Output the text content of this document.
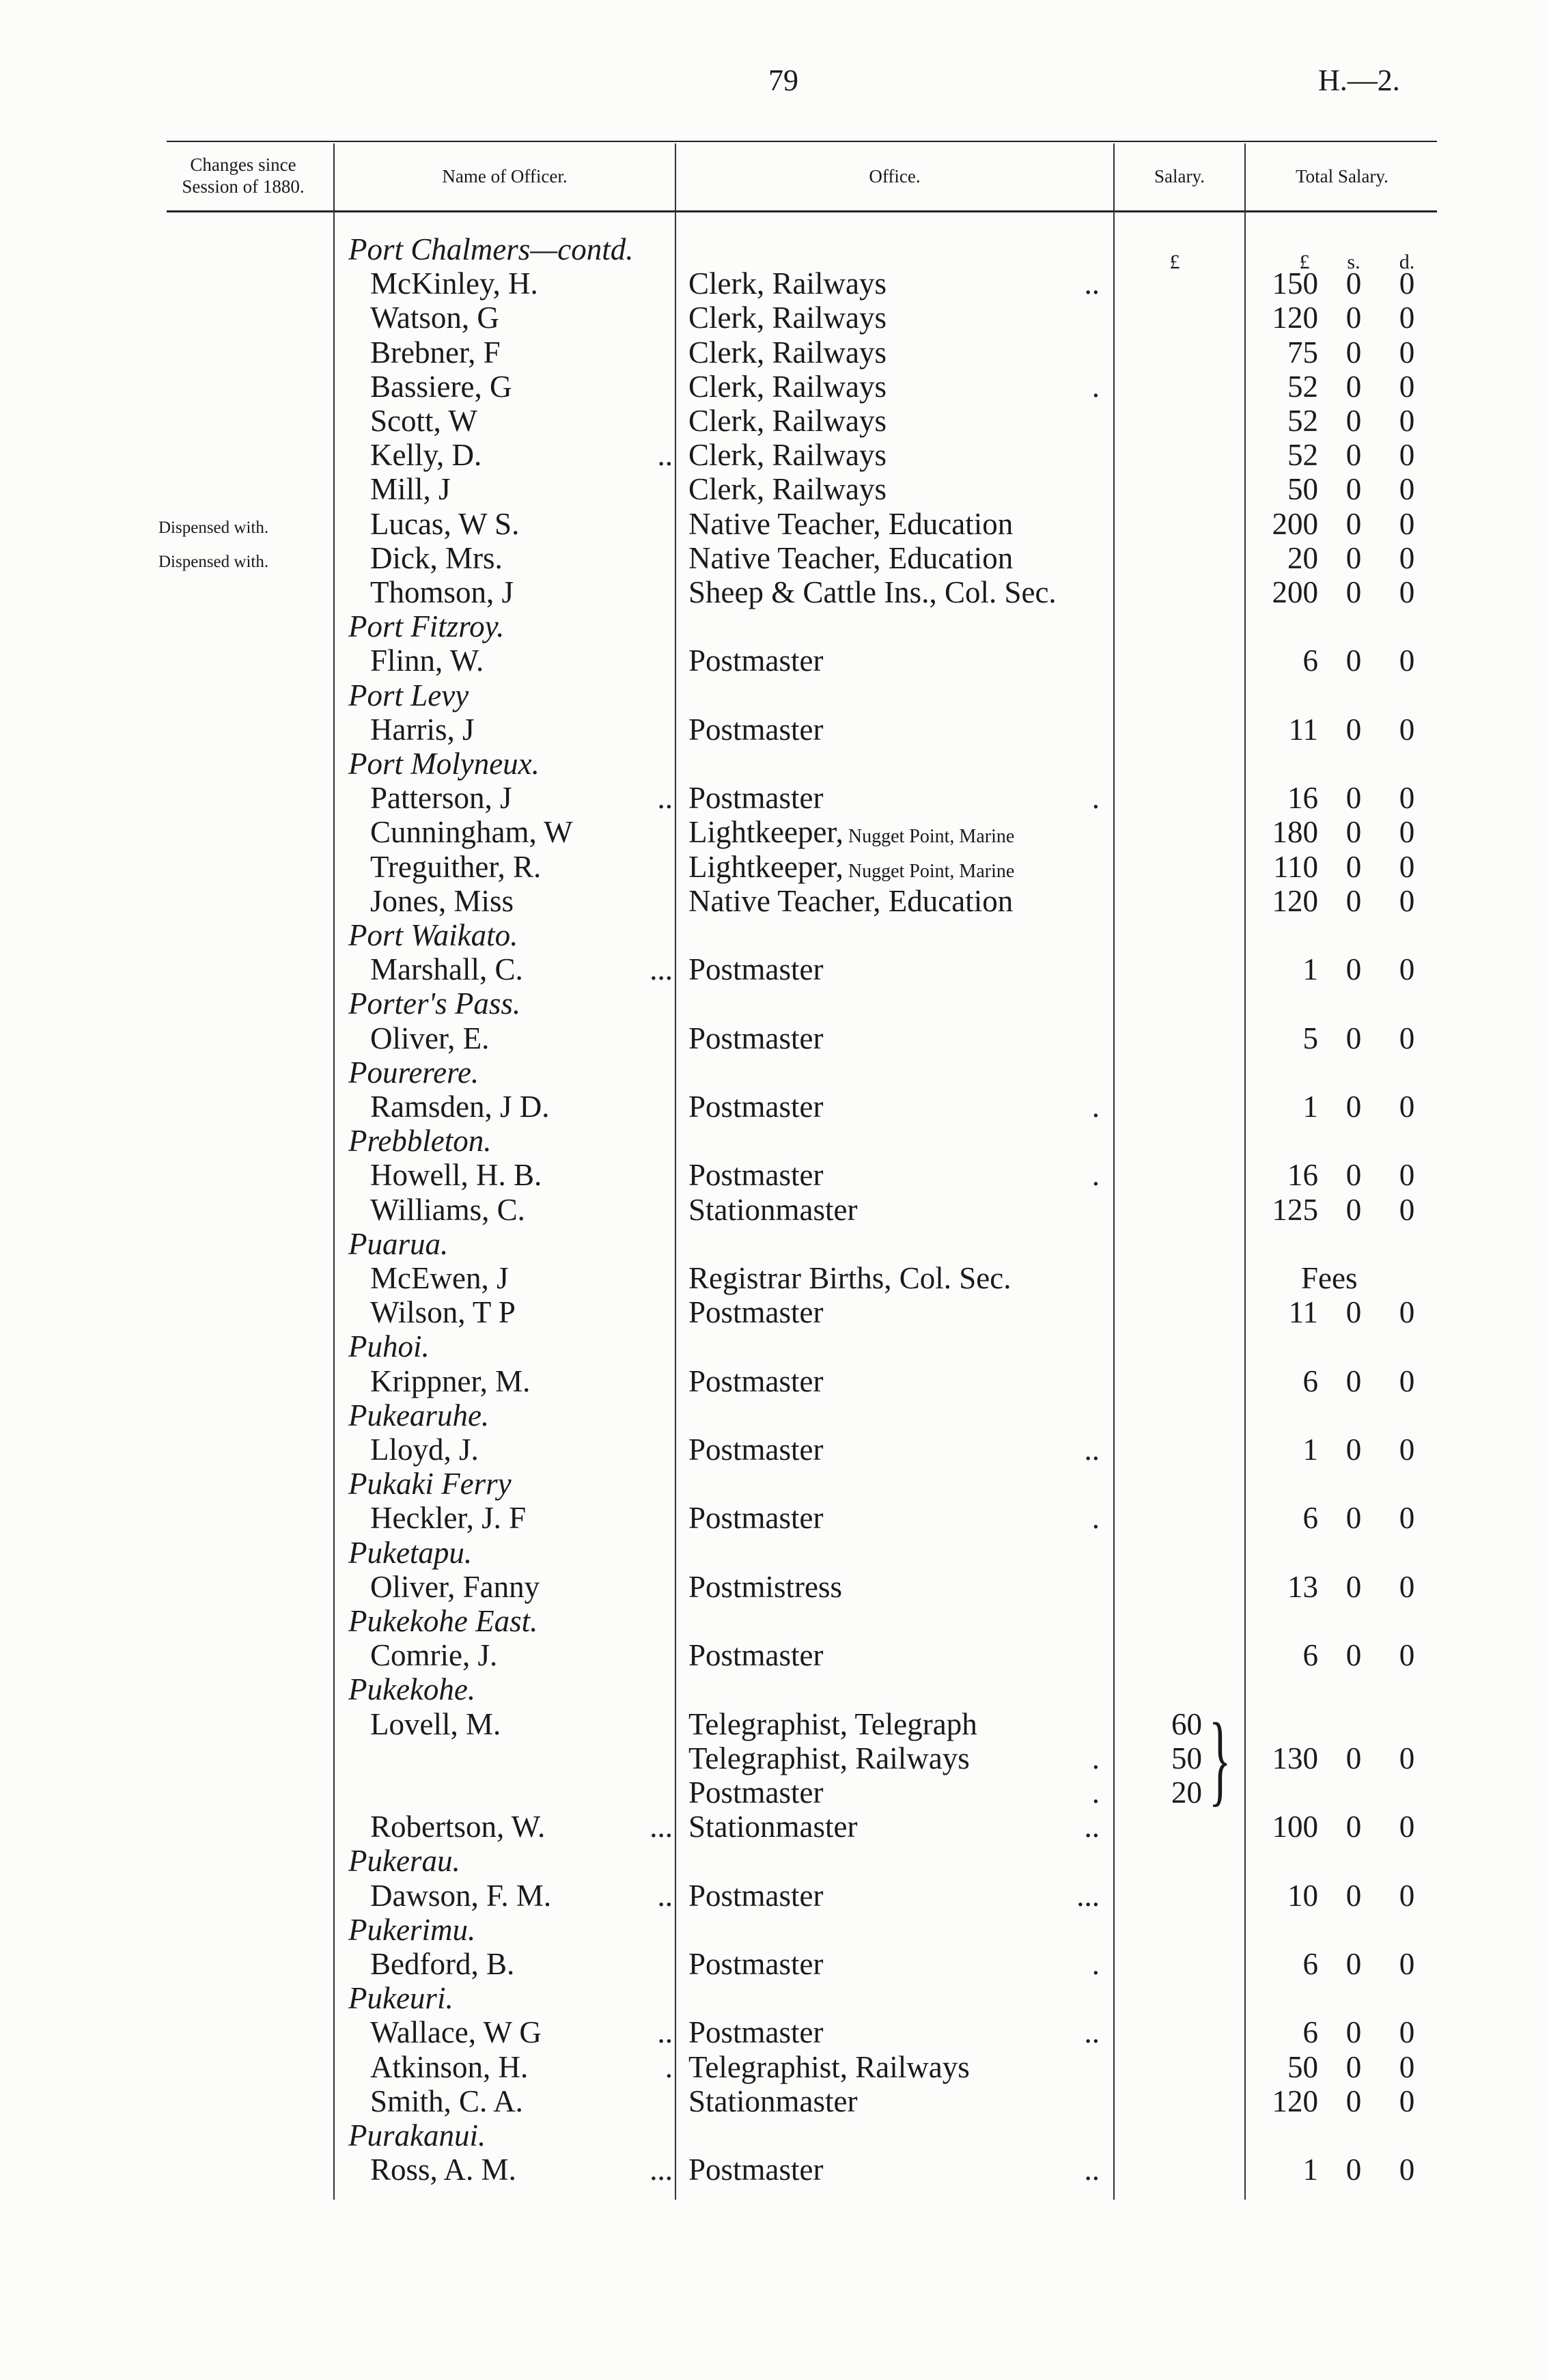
79	H.—2.
Changes since
Session of 1880.	Name of Officer.	Office.	Salary.	Total Salary.
£	£	s.	d.
Port Chalmers—contd.
McKinley, H.	Clerk, Railways	..	150 0 0
Watson, G	Clerk, Railways	120 0 0
Brebner, F	Clerk, Railways	75 0 0
Bassiere, G	Clerk, Railways	.	52 0 0
Scott, W	Clerk, Railways	52 0 0
Kelly, D.	.. Clerk, Railways	52 0 0
Mill, J	Clerk, Railways	50 0 0
Dispensed with.	Lucas, W S.	Native Teacher, Education	200 0 0
Dispensed with.	Dick, Mrs.	Native Teacher, Education	20 0 0
Thomson, J	Sheep & Cattle Ins., Col. Sec.	200 0 0
Port Fitzroy.
Flinn, W.	Postmaster	6 0 0
Port Levy
Harris, J	Postmaster	11 0 0
Port Molyneux.
Patterson, J	.. Postmaster	.	16 0 0
Cunningham, W	Lightkeeper, Nugget Point, Marine	180 0 0
Treguither, R.	Lightkeeper, Nugget Point, Marine	110 0 0
Jones, Miss	Native Teacher, Education	120 0 0
Port Waikato.
Marshall, C.	... Postmaster	1 0 0
Porter's Pass.
Oliver, E.	Postmaster	5 0 0
Pourerere.
Ramsden, J D.	Postmaster	.	1 0 0
Prebbleton.
Howell, H. B.	Postmaster	.	16 0 0
Williams, C.	Stationmaster	125 0 0
Puarua.
McEwen, J	Registrar Births, Col. Sec.	Fees
Wilson, T P	Postmaster	11 0 0
Puhoi.
Krippner, M.	Postmaster	6 0 0
Pukearuhe.
Lloyd, J.	Postmaster	..	1 0 0
Pukaki Ferry
Heckler, J. F	Postmaster	.	6 0 0
Puketapu.
Oliver, Fanny	Postmistress	13 0 0
Pukekohe East.
Comrie, J.	Postmaster	6 0 0
Pukekohe.
Lovell, M.	Telegraphist, Telegraph	60
Telegraphist, Railways	.	50	130 0 0
Postmaster	.	20
Robertson, W.	... Stationmaster	..	100 0 0
Pukerau.
Dawson, F. M.	.. Postmaster	...	10 0 0
Pukerimu.
Bedford, B.	Postmaster	.	6 0 0
Pukeuri.
Wallace, W G	.. Postmaster	..	6 0 0
Atkinson, H.	. Telegraphist, Railways	50 0 0
Smith, C. A.	Stationmaster	120 0 0
Purakanui.
Ross, A. M.	... Postmaster	..	1 0 0
}
